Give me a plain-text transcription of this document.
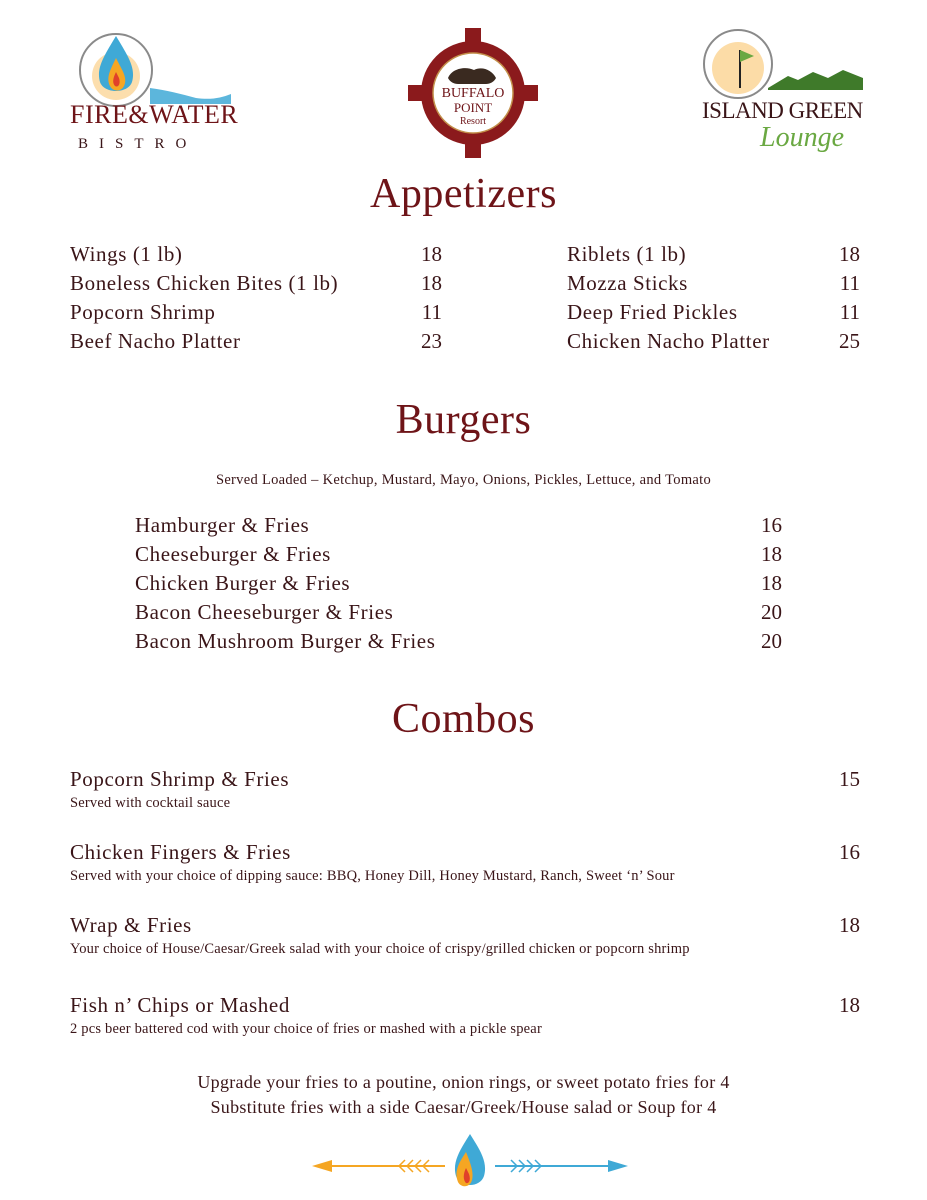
FIRE&WATER
BISTRO
BUFFALO
POINT
Resort	ISLAND GREEN
Lounge
Appetizers
Wings (1 lb)	18
Boneless Chicken Bites (1 lb)	18
Popcorn Shrimp	11
Beef Nacho Platter	23
Riblets (1 lb)	18
Mozza Sticks	11
Deep Fried Pickles	11
Chicken Nacho Platter	25
Burgers
Served Loaded – Ketchup, Mustard, Mayo, Onions, Pickles, Lettuce, and Tomato
Hamburger & Fries	16
Cheeseburger & Fries	18
Chicken Burger & Fries	18
Bacon Cheeseburger & Fries	20
Bacon Mushroom Burger & Fries	20
Combos
Popcorn Shrimp & Fries	15
Served with cocktail sauce
Chicken Fingers & Fries	16
Served with your choice of dipping sauce: BBQ, Honey Dill, Honey Mustard, Ranch, Sweet ‘n’ Sour
Wrap & Fries	18
Your choice of House/Caesar/Greek salad with your choice of crispy/grilled chicken or popcorn shrimp
Fish n’ Chips or Mashed	18
2 pcs beer battered cod with your choice of fries or mashed with a pickle spear
Upgrade your fries to a poutine, onion rings, or sweet potato fries for 4
Substitute fries with a side Caesar/Greek/House salad or Soup for 4
